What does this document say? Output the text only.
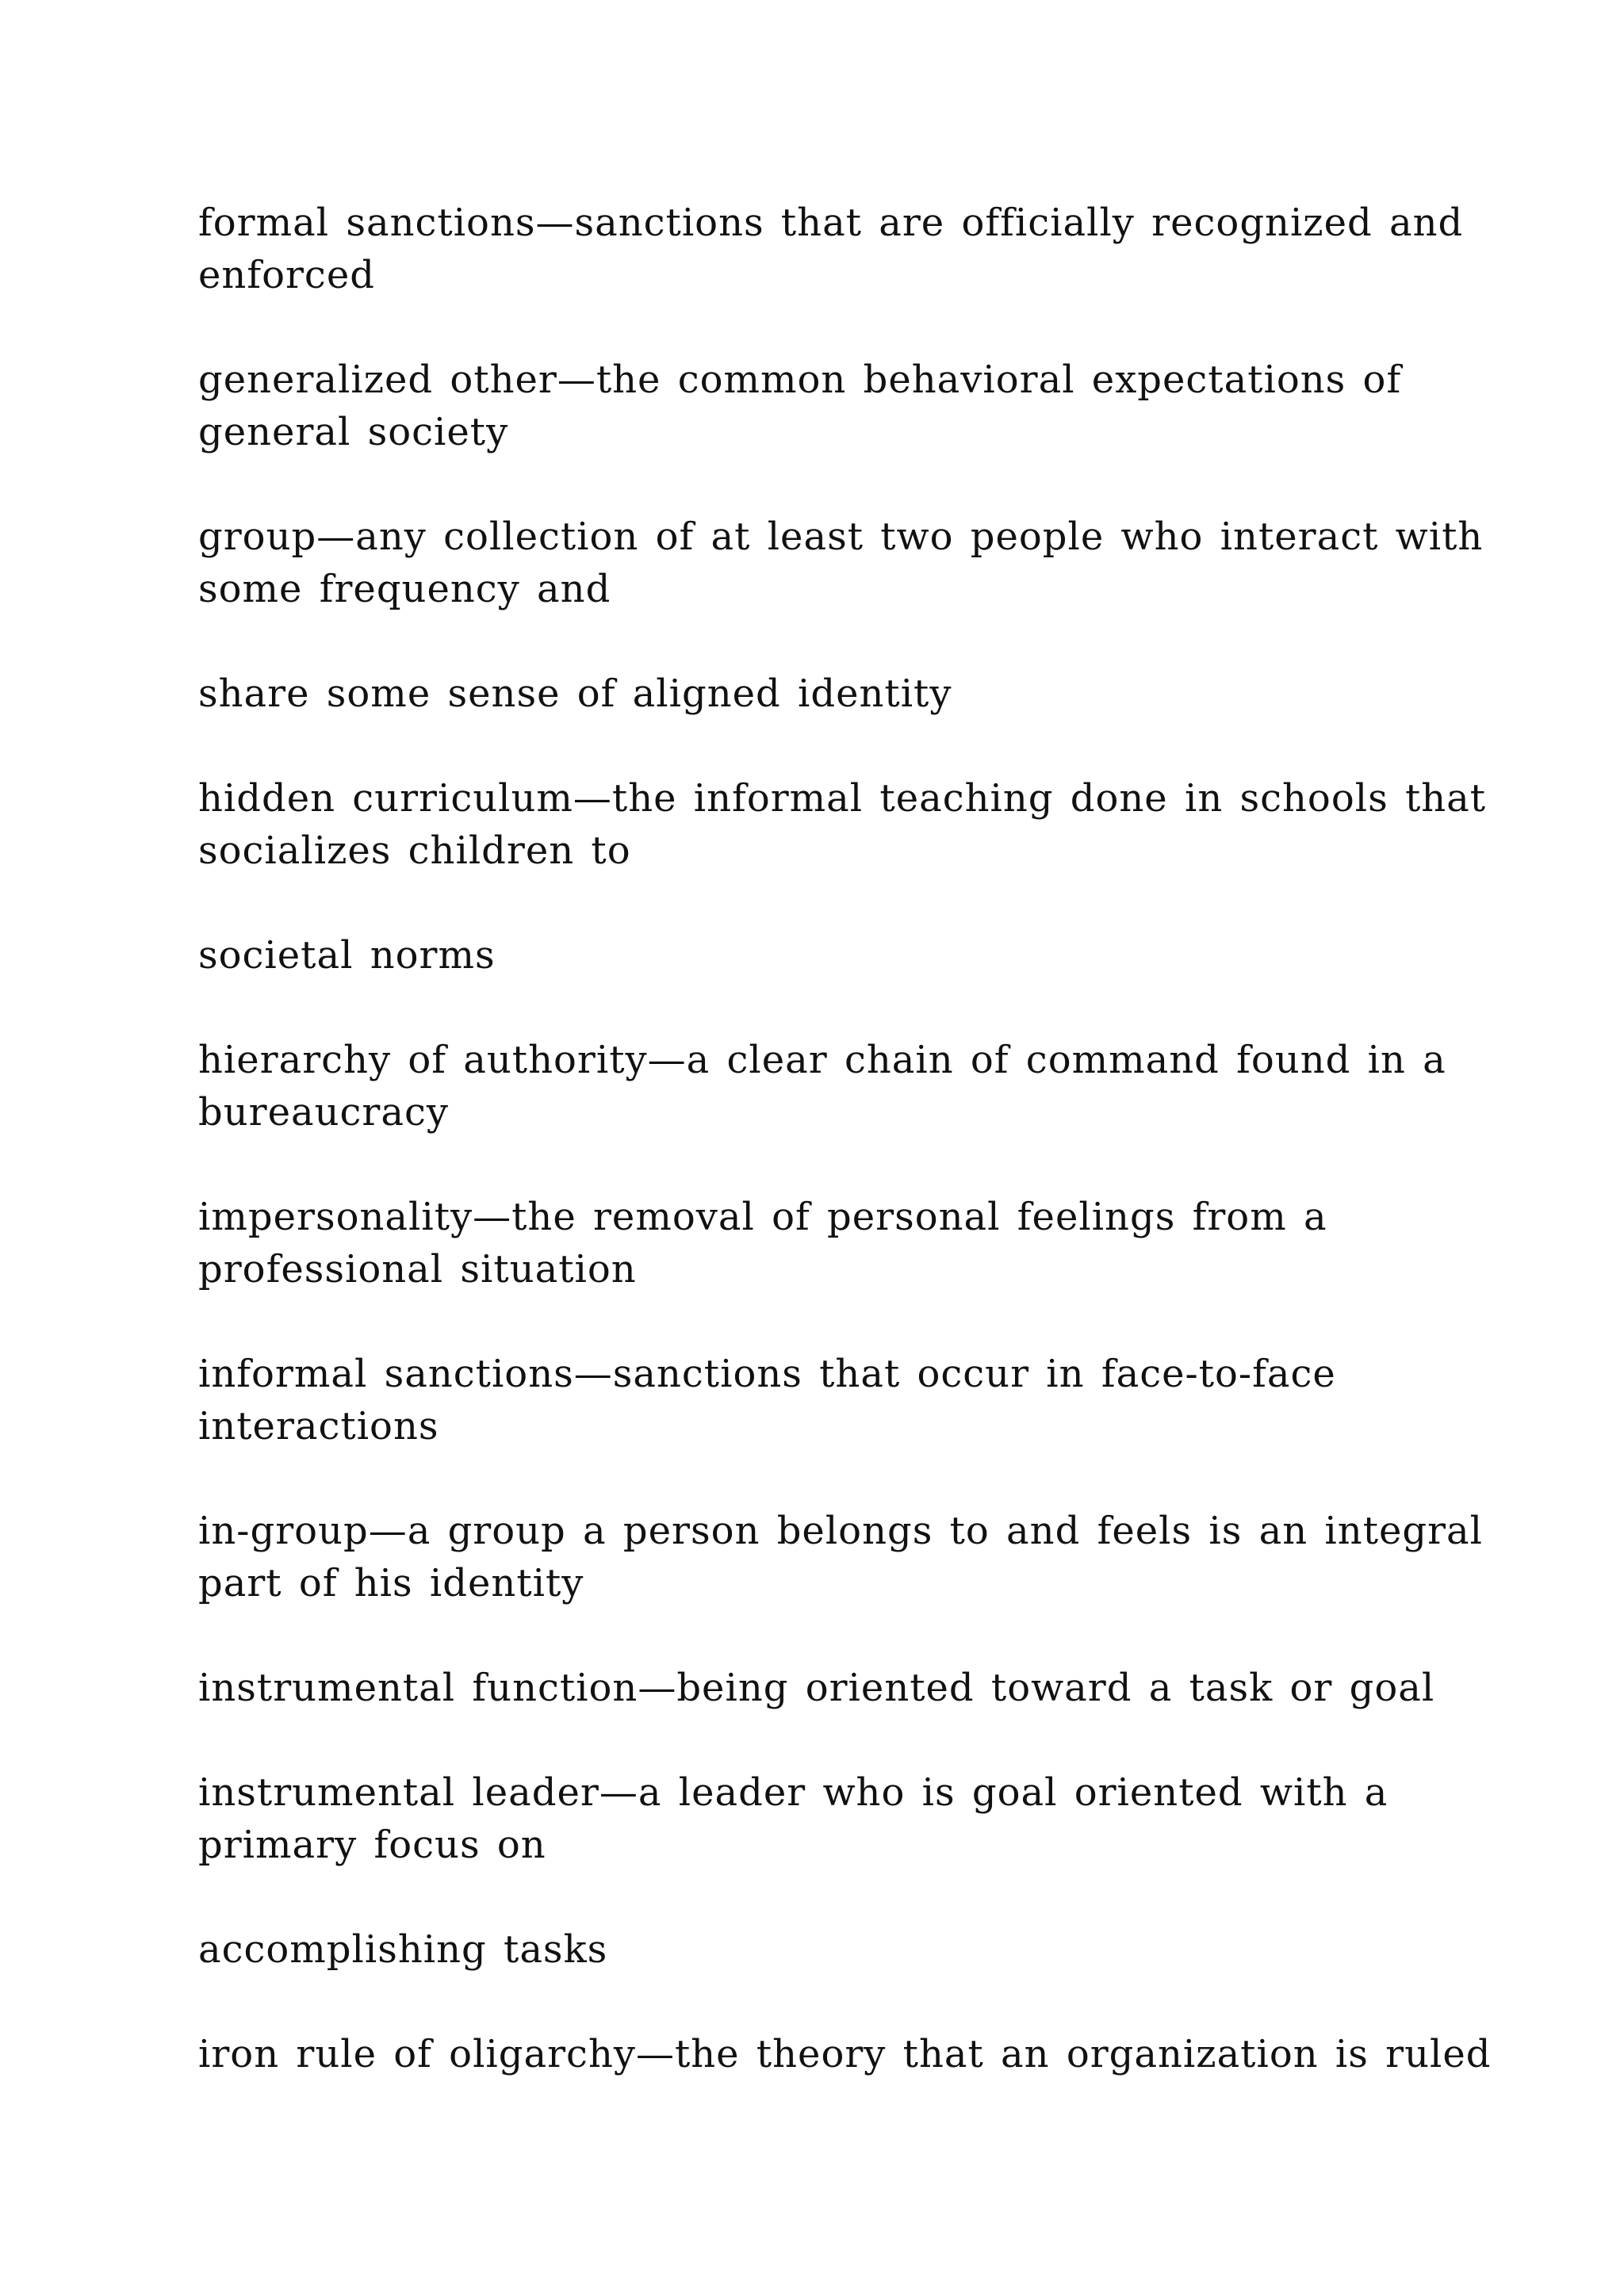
formal sanctions—sanctions that are officially recognized and
enforced

generalized other—the common behavioral expectations of
general society

group—any collection of at least two people who interact with
some frequency and

share some sense of aligned identity

hidden curriculum—the informal teaching done in schools that
socializes children to

societal norms

hierarchy of authority—a clear chain of command found in a
bureaucracy

impersonality—the removal of personal feelings from a
professional situation

informal sanctions—sanctions that occur in face-to-face
interactions

in-group—a group a person belongs to and feels is an integral
part of his identity

instrumental function—being oriented toward a task or goal

instrumental leader—a leader who is goal oriented with a
primary focus on

accomplishing tasks

iron rule of oligarchy—the theory that an organization is ruled
